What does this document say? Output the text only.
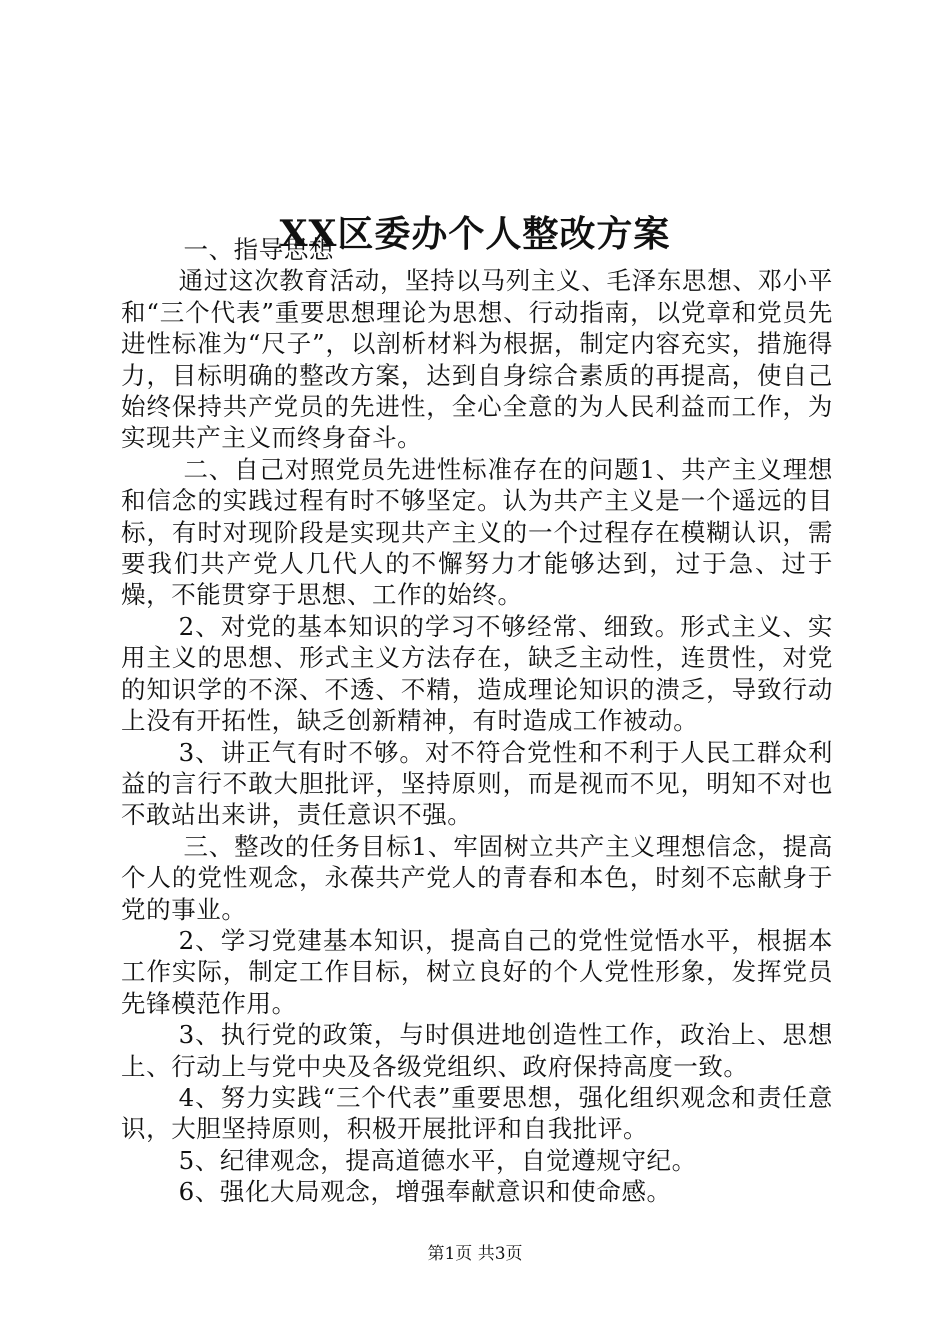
XX区委办个人整改方案

一、指导思想

通过这次教育活动，坚持以马列主义、毛泽东思想、邓小平和“三个代表”重要思想理论为思想、行动指南，以党章和党员先进性标准为“尺子”，以剖析材料为根据，制定内容充实，措施得力，目标明确的整改方案，达到自身综合素质的再提高，使自己始终保持共产党员的先进性，全心全意的为人民利益而工作，为实现共产主义而终身奋斗。

二、自己对照党员先进性标准存在的问题1、共产主义理想和信念的实践过程有时不够坚定。认为共产主义是一个遥远的目标，有时对现阶段是实现共产主义的一个过程存在模糊认识，需要我们共产党人几代人的不懈努力才能够达到，过于急、过于燥，不能贯穿于思想、工作的始终。

2、对党的基本知识的学习不够经常、细致。形式主义、实用主义的思想、形式主义方法存在，缺乏主动性，连贯性，对党的知识学的不深、不透、不精，造成理论知识的溃乏，导致行动上没有开拓性，缺乏创新精神，有时造成工作被动。

3、讲正气有时不够。对不符合党性和不利于人民工群众利益的言行不敢大胆批评，坚持原则，而是视而不见，明知不对也不敢站出来讲，责任意识不强。

三、整改的任务目标1、牢固树立共产主义理想信念，提高个人的党性观念，永葆共产党人的青春和本色，时刻不忘献身于党的事业。

2、学习党建基本知识，提高自己的党性觉悟水平，根据本工作实际，制定工作目标，树立良好的个人党性形象，发挥党员先锋模范作用。

3、执行党的政策，与时俱进地创造性工作，政治上、思想上、行动上与党中央及各级党组织、政府保持高度一致。

4、努力实践“三个代表”重要思想，强化组织观念和责任意识，大胆坚持原则，积极开展批评和自我批评。

5、纪律观念，提高道德水平，自觉遵规守纪。

6、强化大局观念，增强奉献意识和使命感。

第1页 共3页
